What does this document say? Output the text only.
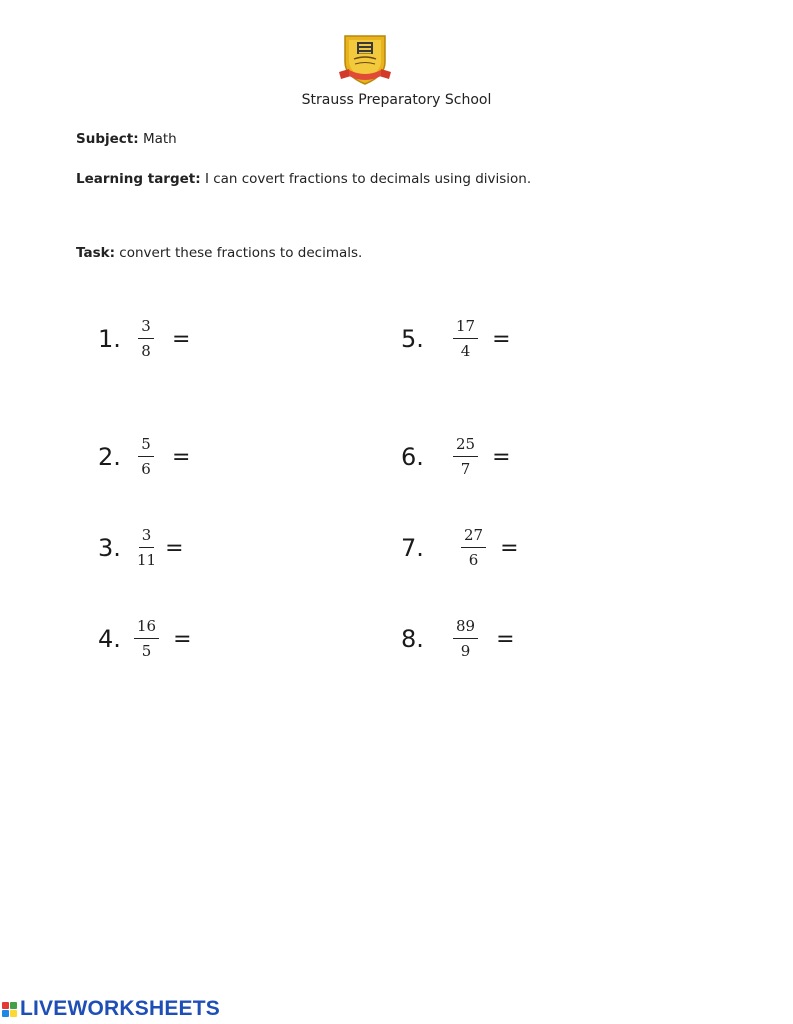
Strauss Preparatory School
Subject: Math
Learning target: I can covert fractions to decimals using division.
Task: convert these fractions to decimals.
1. $\frac{3}{8}$ =
2. $\frac{5}{6}$ =
3. $\frac{3}{11}$ =
4. $\frac{16}{5}$ =
5.	$\frac{17}{4}$ =
6.	$\frac{25}{7}$ =
7.	$\frac{27}{6}$ =
8.	$\frac{89}{9}$ =
LIVEWORKSHEETS
